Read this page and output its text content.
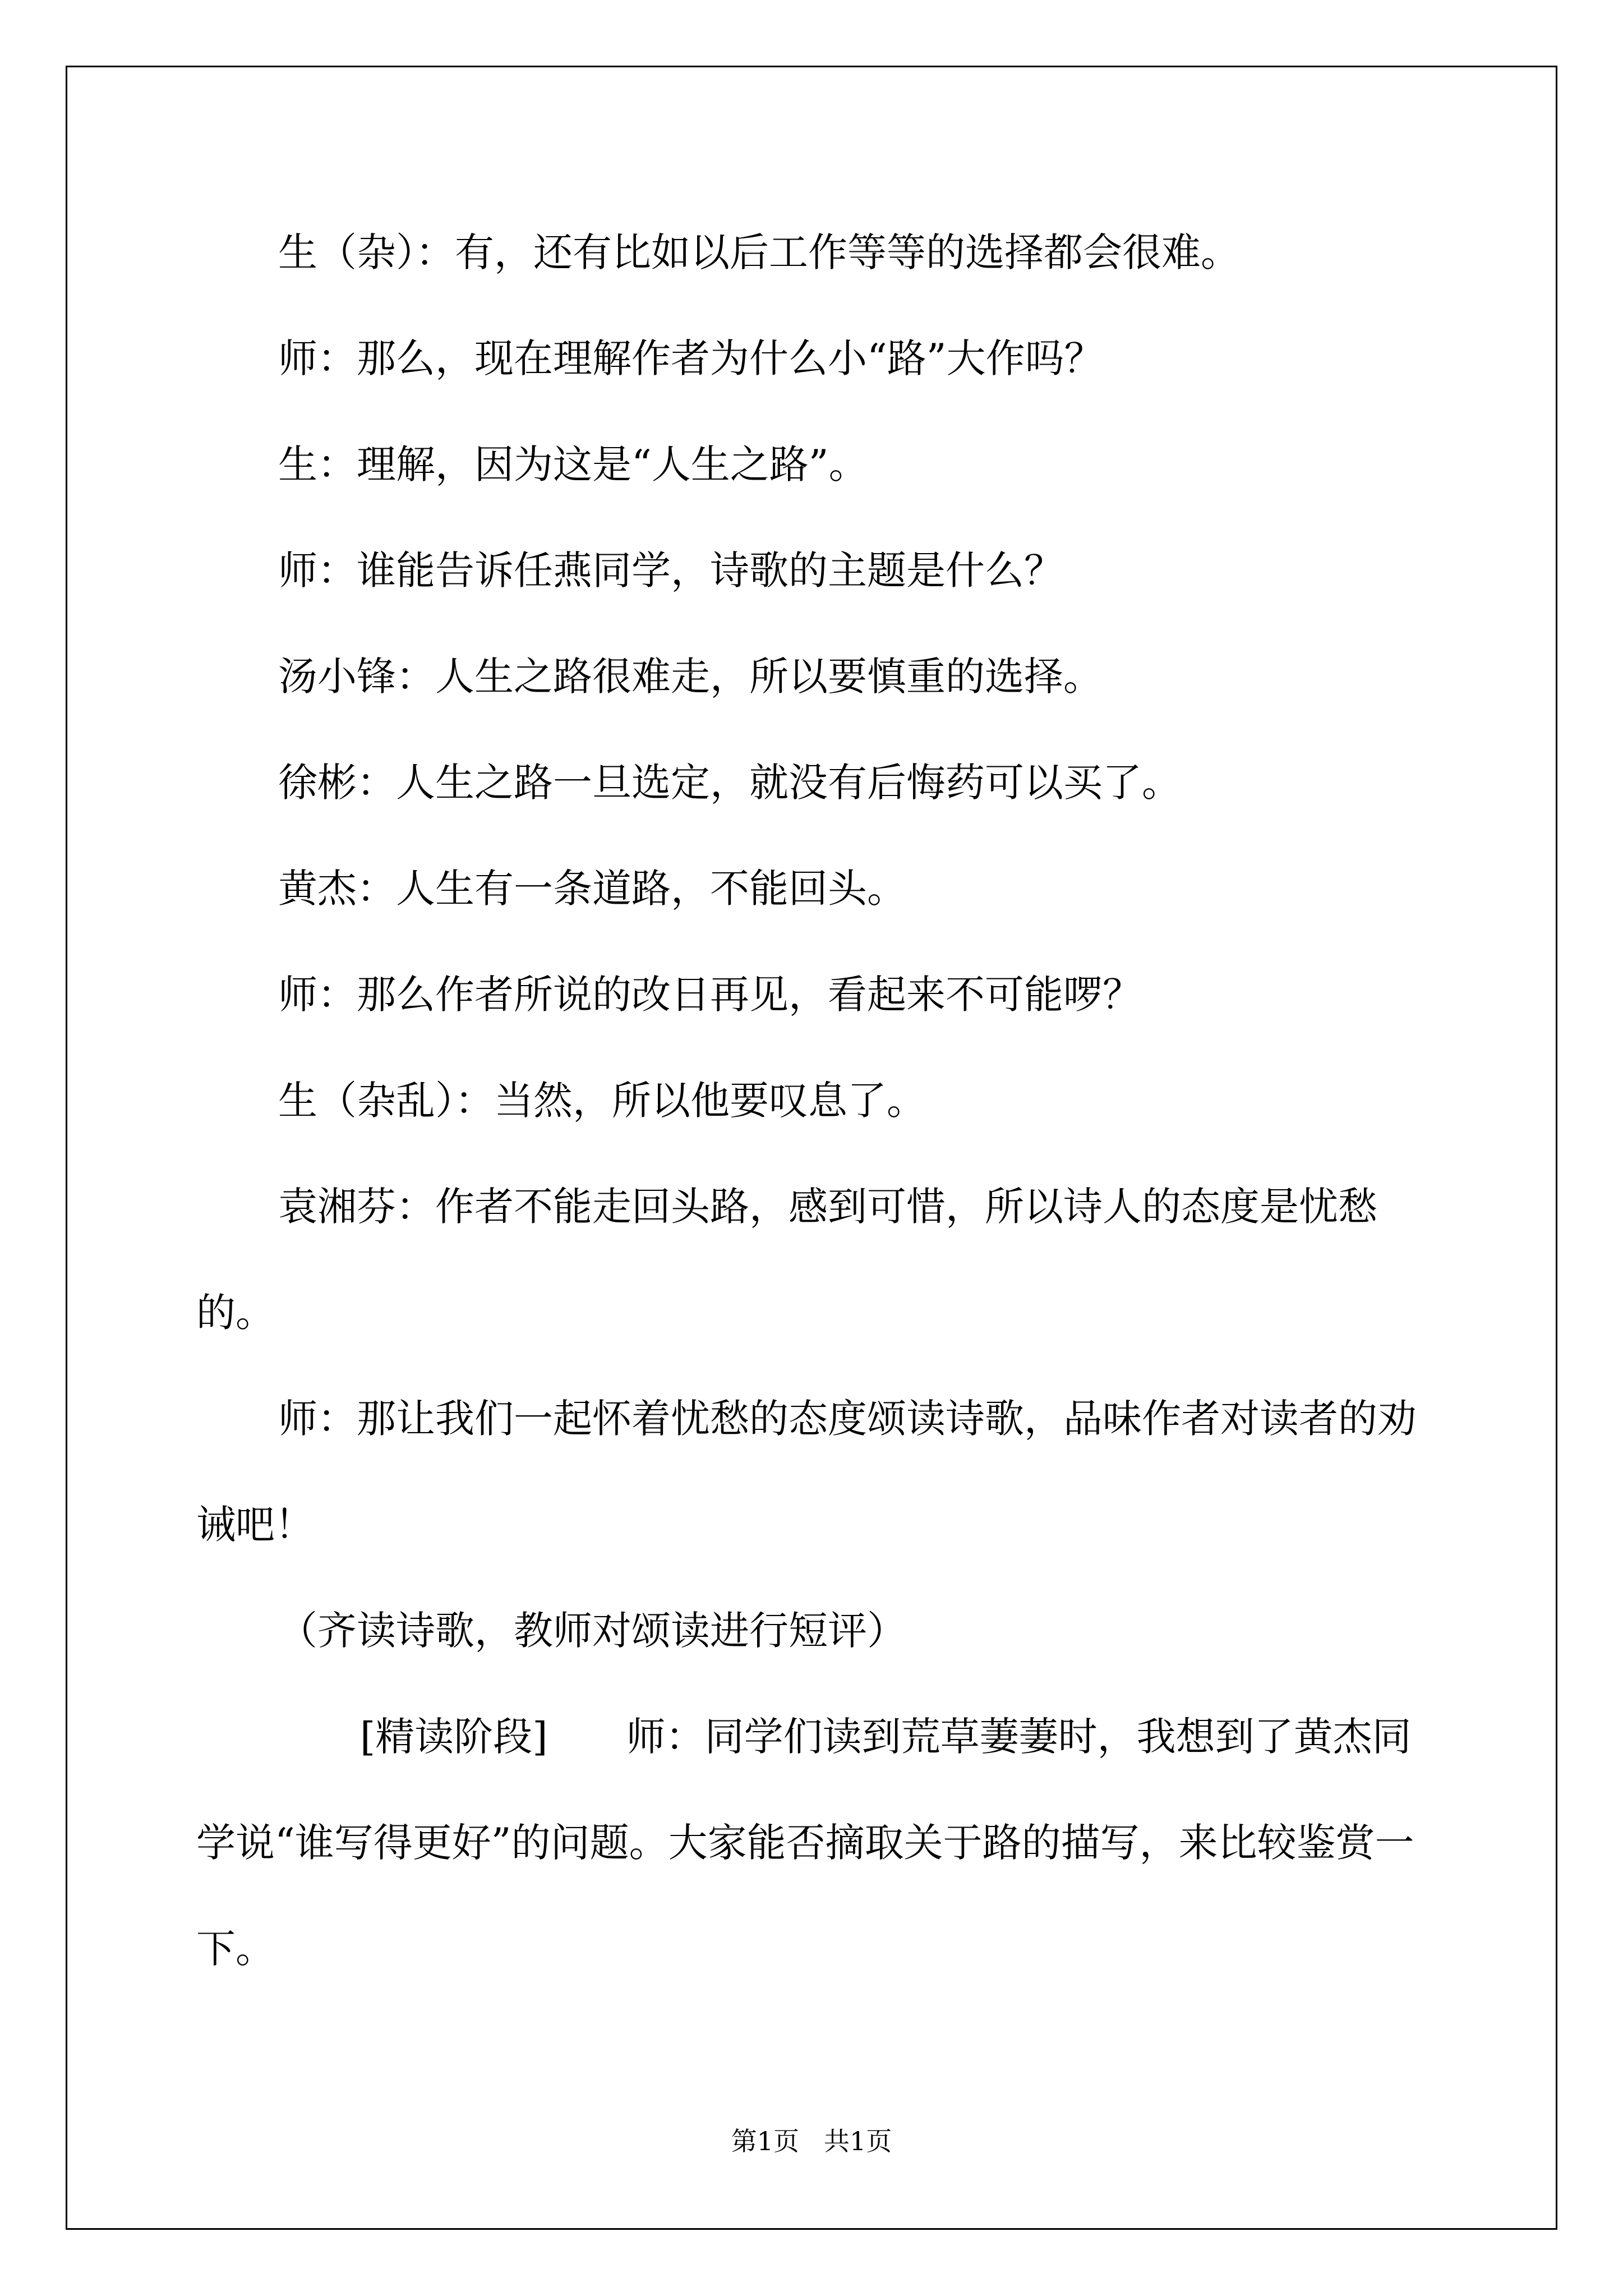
生（杂）：有，还有比如以后工作等等的选择都会很难。

师：那么，现在理解作者为什么小“路”大作吗？

生：理解，因为这是“人生之路”。

师：谁能告诉任燕同学，诗歌的主题是什么？

汤小锋：人生之路很难走，所以要慎重的选择。

徐彬：人生之路一旦选定，就没有后悔药可以买了。

黄杰：人生有一条道路，不能回头。

师：那么作者所说的改日再见，看起来不可能啰？

生（杂乱）：当然，所以他要叹息了。

袁湘芬：作者不能走回头路，感到可惜，所以诗人的态度是忧愁的。

师：那让我们一起怀着忧愁的态度颂读诗歌，品味作者对读者的劝诫吧！

（齐读诗歌，教师对颂读进行短评）

[精读阶段] 师：同学们读到荒草萋萋时，我想到了黄杰同学说“谁写得更好”的问题。大家能否摘取关于路的描写，来比较鉴赏一下。

第1页 共1页
